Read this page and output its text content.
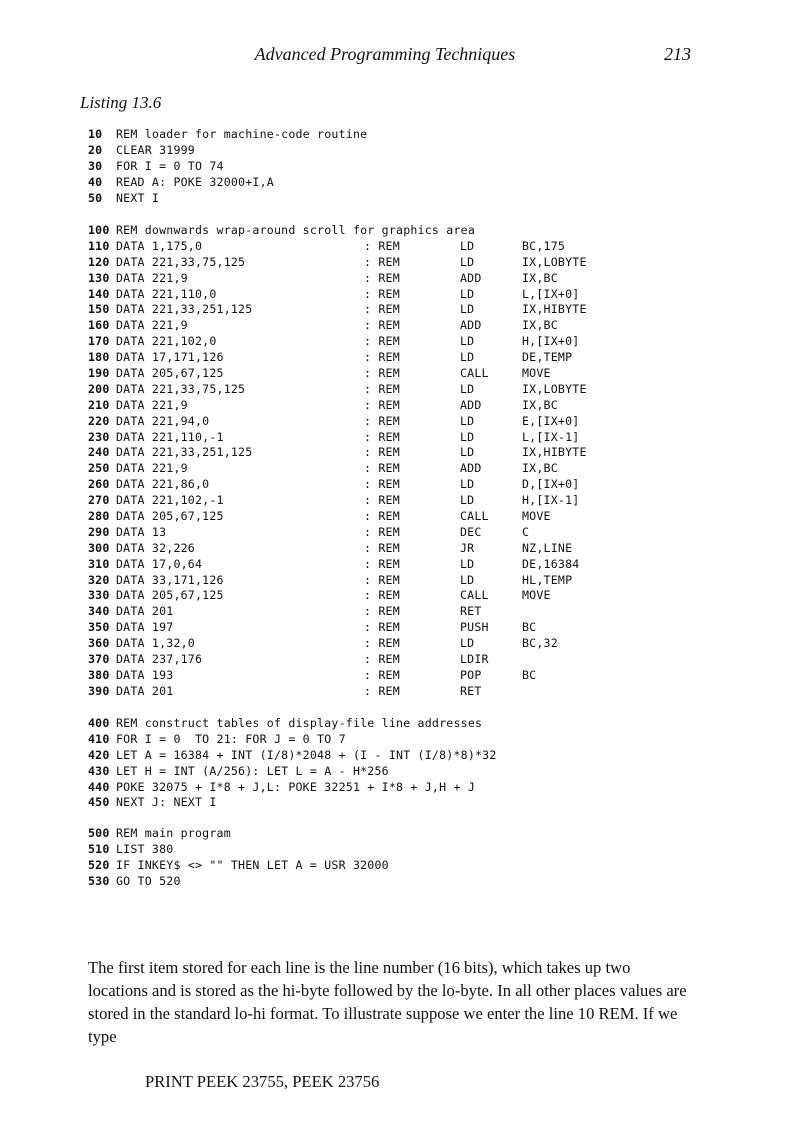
Advanced Programming Techniques	213
Listing 13.6
10 REM loader for machine-code routine
20 CLEAR 31999
30 FOR I = 0 TO 74
40 READ A: POKE 32000+I,A
50 NEXT I
100 REM downwards wrap-around scroll for graphics area
110 DATA 1,175,0	: REM	LD	BC,175
120 DATA 221,33,75,125	: REM	LD	IX,LOBYTE
130 DATA 221,9	: REM	ADD	IX,BC
140 DATA 221,110,0	: REM	LD	L,[IX+0]
150 DATA 221,33,251,125	: REM	LD	IX,HIBYTE
160 DATA 221,9	: REM	ADD	IX,BC
170 DATA 221,102,0	: REM	LD	H,[IX+0]
180 DATA 17,171,126	: REM	LD	DE,TEMP
190 DATA 205,67,125	: REM	CALL	MOVE
200 DATA 221,33,75,125	: REM	LD	IX,LOBYTE
210 DATA 221,9	: REM	ADD	IX,BC
220 DATA 221,94,0	: REM	LD	E,[IX+0]
230 DATA 221,110,-1	: REM	LD	L,[IX-1]
240 DATA 221,33,251,125	: REM	LD	IX,HIBYTE
250 DATA 221,9	: REM	ADD	IX,BC
260 DATA 221,86,0	: REM	LD	D,[IX+0]
270 DATA 221,102,-1	: REM	LD	H,[IX-1]
280 DATA 205,67,125	: REM	CALL	MOVE
290 DATA 13	: REM	DEC	C
300 DATA 32,226	: REM	JR	NZ,LINE
310 DATA 17,0,64	: REM	LD	DE,16384
320 DATA 33,171,126	: REM	LD	HL,TEMP
330 DATA 205,67,125	: REM	CALL	MOVE
340 DATA 201	: REM	RET
350 DATA 197	: REM	PUSH	BC
360 DATA 1,32,0	: REM	LD	BC,32
370 DATA 237,176	: REM	LDIR
380 DATA 193	: REM	POP	BC
390 DATA 201	: REM	RET
400 REM construct tables of display-file line addresses
410 FOR I = 0  TO 21: FOR J = 0 TO 7
420 LET A = 16384 + INT (I/8)*2048 + (I - INT (I/8)*8)*32
430 LET H = INT (A/256): LET L = A - H*256
440 POKE 32075 + I*8 + J,L: POKE 32251 + I*8 + J,H + J
450 NEXT J: NEXT I
500 REM main program
510 LIST 380
520 IF INKEY$ <> "" THEN LET A = USR 32000
530 GO TO 520

The first item stored for each line is the line number (16 bits), which takes up two locations and is stored as the hi-byte followed by the lo-byte. In all other places values are stored in the standard lo-hi format. To illustrate suppose we enter the line 10 REM. If we type

PRINT PEEK 23755, PEEK 23756
